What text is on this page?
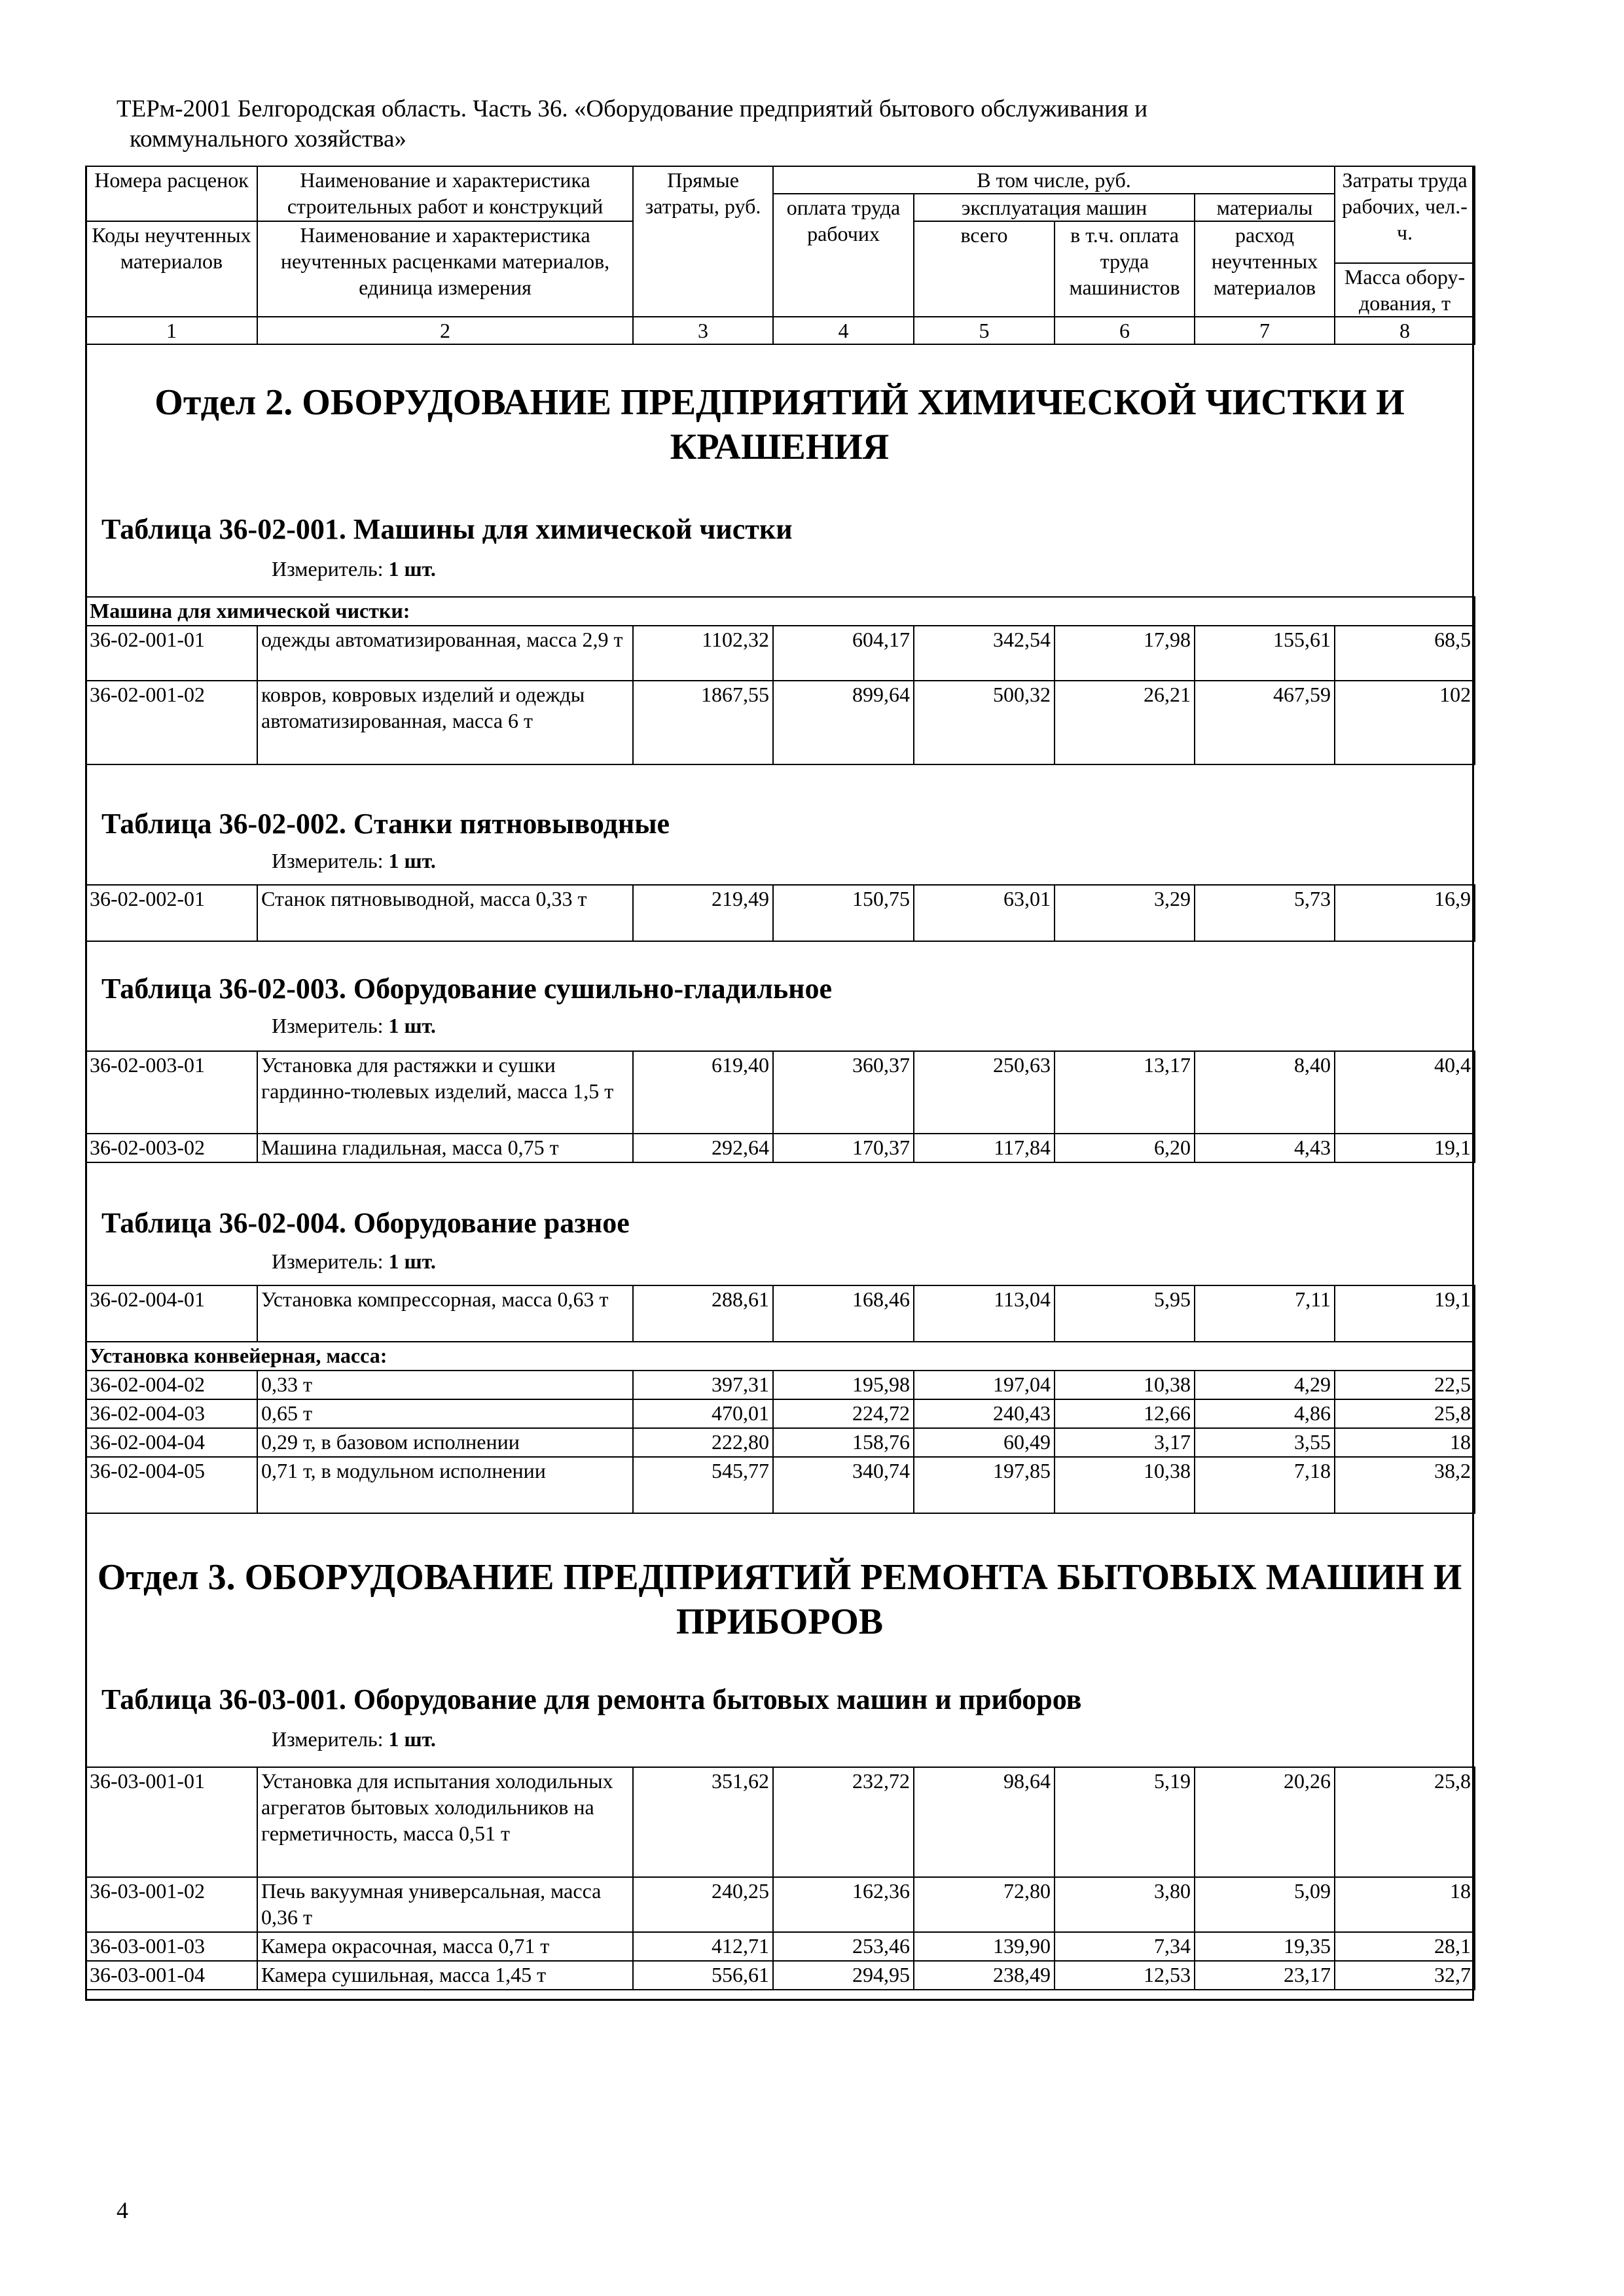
ТЕРм-2001 Белгородская область. Часть 36. «Оборудование предприятий бытового обслуживания и
коммунального хозяйства»
Номера расценок	Наименование и характеристика строительных работ и конструкций	Прямые затраты, руб.	В том числе, руб.				Затраты труда рабочих, чел.-ч.
			оплата труда рабочих	эксплуатация машин		материалы	
Коды неучтенных материалов	Наименование и характеристика неучтенных расценками материалов, единица измерения			всего	в т.ч. оплата труда машинистов	расход неучтенных материалов	
							Масса обору-дования, т
1	2	3	4	5	6	7	8

Отдел 2. ОБОРУДОВАНИЕ ПРЕДПРИЯТИЙ ХИМИЧЕСКОЙ ЧИСТКИ И КРАШЕНИЯ

Таблица 36-02-001. Машины для химической чистки

Измеритель: 1 шт.
Машина для химической чистки:							
36-02-001-01	одежды автоматизированная, масса 2,9 т	1102,32	604,17	342,54	17,98	155,61	68,5
36-02-001-02	ковров, ковровых изделий и одежды автоматизированная, масса 6 т	1867,55	899,64	500,32	26,21	467,59	102

Таблица 36-02-002. Станки пятновыводные

Измеритель: 1 шт.
36-02-002-01	Станок пятновыводной, масса 0,33 т	219,49	150,75	63,01	3,29	5,73	16,9

Таблица 36-02-003. Оборудование сушильно-гладильное

Измеритель: 1 шт.
36-02-003-01	Установка для растяжки и сушки гардинно-тюлевых изделий, масса 1,5 т	619,40	360,37	250,63	13,17	8,40	40,4
36-02-003-02	Машина гладильная, масса 0,75 т	292,64	170,37	117,84	6,20	4,43	19,1

Таблица 36-02-004. Оборудование разное

Измеритель: 1 шт.
36-02-004-01	Установка компрессорная, масса 0,63 т	288,61	168,46	113,04	5,95	7,11	19,1
Установка конвейерная, масса:							
36-02-004-02	0,33 т	397,31	195,98	197,04	10,38	4,29	22,5
36-02-004-03	0,65 т	470,01	224,72	240,43	12,66	4,86	25,8
36-02-004-04	0,29 т, в базовом исполнении	222,80	158,76	60,49	3,17	3,55	18
36-02-004-05	0,71 т, в модульном исполнении	545,77	340,74	197,85	10,38	7,18	38,2

Отдел 3. ОБОРУДОВАНИЕ ПРЕДПРИЯТИЙ РЕМОНТА БЫТОВЫХ МАШИН И ПРИБОРОВ

Таблица 36-03-001. Оборудование для ремонта бытовых машин и приборов

Измеритель: 1 шт.
36-03-001-01	Установка для испытания холодильных агрегатов бытовых холодильников на герметичность, масса 0,51 т	351,62	232,72	98,64	5,19	20,26	25,8
36-03-001-02	Печь вакуумная универсальная, масса 0,36 т	240,25	162,36	72,80	3,80	5,09	18
36-03-001-03	Камера окрасочная, масса 0,71 т	412,71	253,46	139,90	7,34	19,35	28,1
36-03-001-04	Камера сушильная, масса 1,45 т	556,61	294,95	238,49	12,53	23,17	32,7
4
